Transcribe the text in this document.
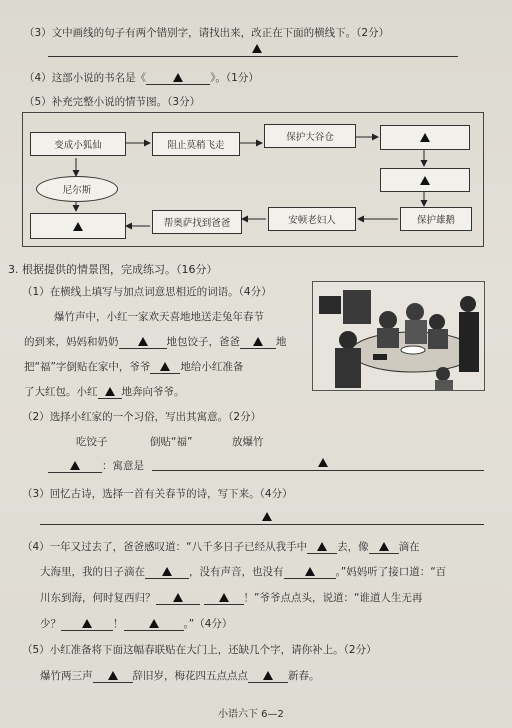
（3）文中画线的句子有两个错别字，请找出来，改正在下面的横线下。（2分）
（4）这部小说的书名是《	》。（1分）
（5）补充完整小说的情节图。（3分）
变成小狐仙	阻止莫稍飞走
保护大谷仓
保护雄鹅
安顿老妇人
帮奥萨找到爸爸
尼尔斯
3. 根据提供的情景图，完成练习。（16分）
（1）在横线上填写与加点词意思相近的词语。（4分）
爆竹声中，小红一家欢天喜地地送走兔年春节
的到来，妈妈和奶奶	地包饺子，爸爸	地
把“福”字倒贴在家中，爷爷	地给小红准备
了大红包。小红 地奔向爷爷。
（2）选择小红家的一个习俗，写出其寓意。（2分）
吃饺子	倒贴“福”	放爆竹
：寓意是
（3）回忆古诗，选择一首有关春节的诗，写下来。（4分）
（4）一年又过去了，爸爸感叹道：“八千多日子已经从我手中	去，像	滴在
大海里，我的日子滴在	，没有声音，也没有	。”妈妈听了接口道：“百
川东到海，何时复西归？	！”爷爷点点头，说道：“谁道人生无再
少？	！	。”（4分）
（5）小红准备将下面这幅春联贴在大门上，还缺几个字，请你补上。（2分）
爆竹两三声	辞旧岁，梅花四五点点点	新春。
小语六下 6—2
